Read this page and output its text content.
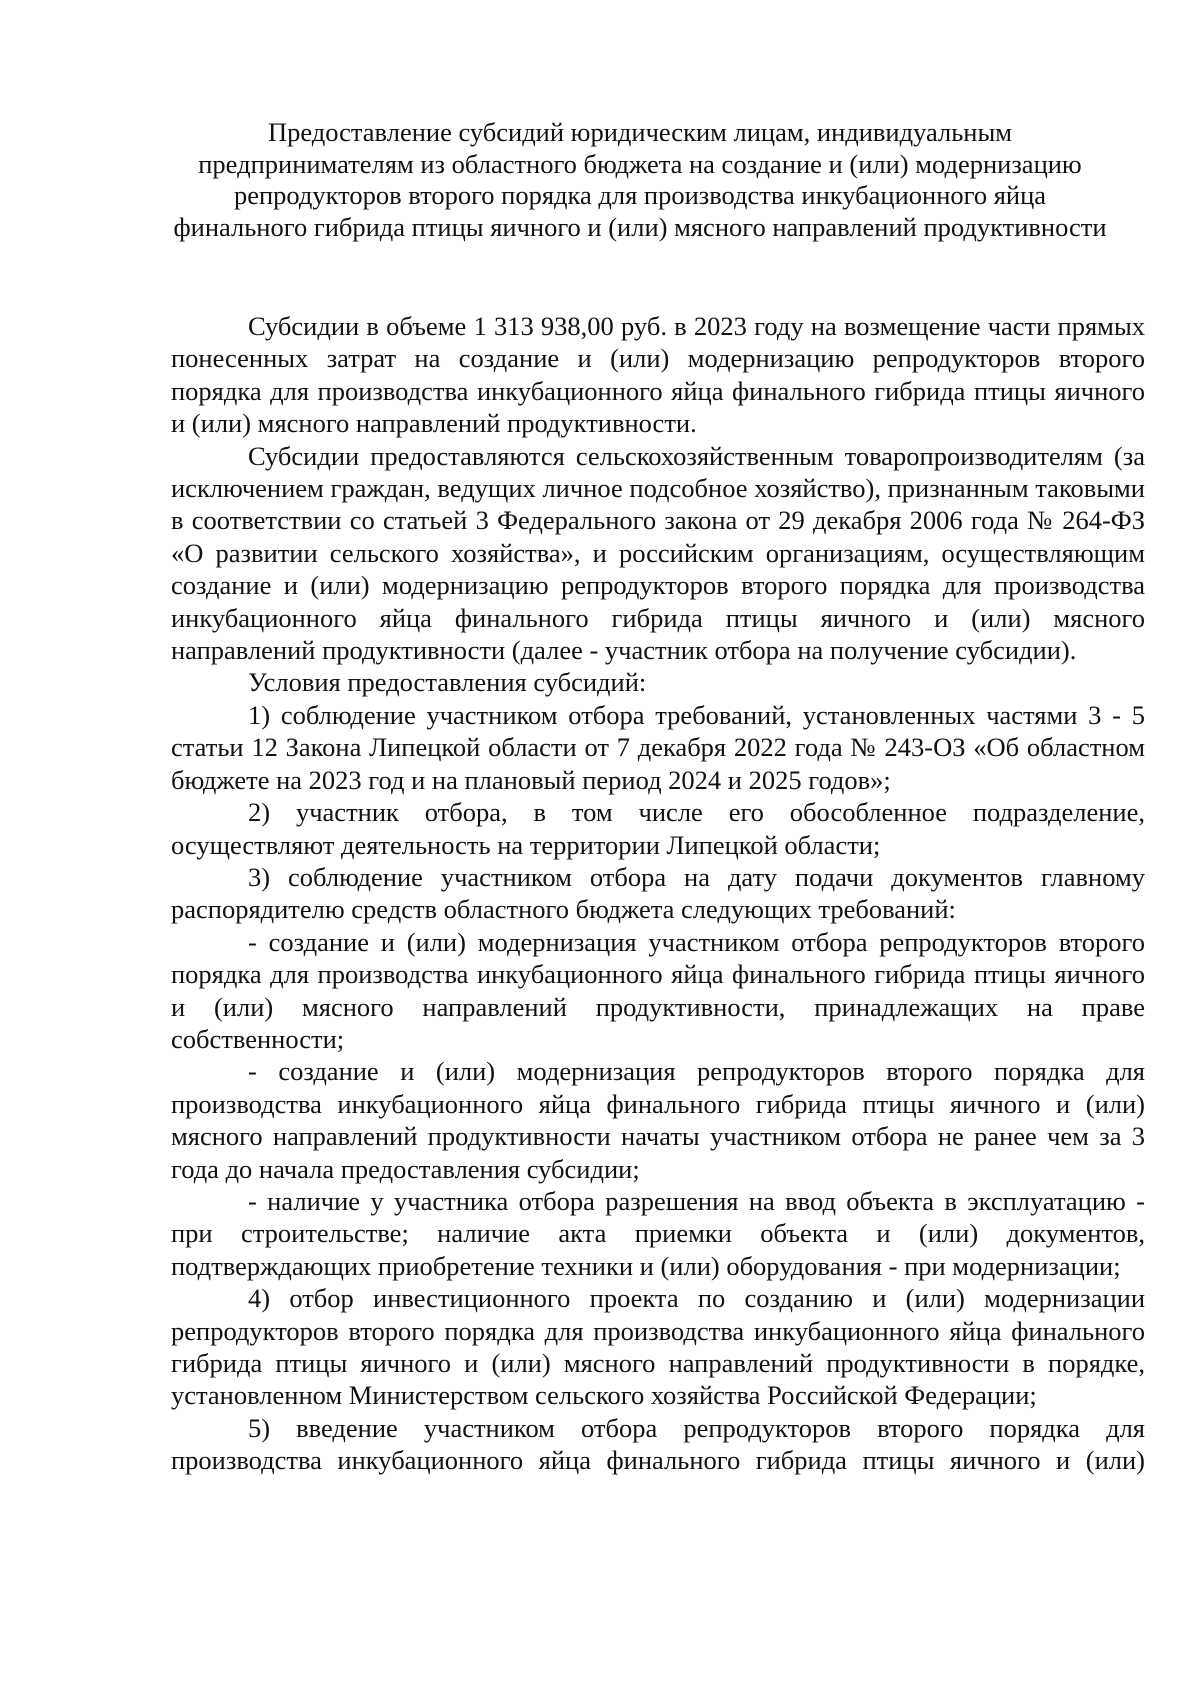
Предоставление субсидий юридическим лицам, индивидуальным предпринимателям из областного бюджета на создание и (или) модернизацию репродукторов второго порядка для производства инкубационного яйца финального гибрида птицы яичного и (или) мясного направлений продуктивности

Субсидии в объеме 1 313 938,00 руб. в 2023 году на возмещение части прямых понесенных затрат на создание и (или) модернизацию репродукторов второго порядка для производства инкубационного яйца финального гибрида птицы яичного и (или) мясного направлений продуктивности.

Субсидии предоставляются сельскохозяйственным товаропроизводителям (за исключением граждан, ведущих личное подсобное хозяйство), признанным таковыми в соответствии со статьей 3 Федерального закона от 29 декабря 2006 года № 264-ФЗ «О развитии сельского хозяйства», и российским организациям, осуществляющим создание и (или) модернизацию репродукторов второго порядка для производства инкубационного яйца финального гибрида птицы яичного и (или) мясного направлений продуктивности (далее - участник отбора на получение субсидии).

Условия предоставления субсидий:

1) соблюдение участником отбора требований, установленных частями 3 - 5 статьи 12 Закона Липецкой области от 7 декабря 2022 года № 243-ОЗ «Об областном бюджете на 2023 год и на плановый период 2024 и 2025 годов»;

2) участник отбора, в том числе его обособленное подразделение, осуществляют деятельность на территории Липецкой области;

3) соблюдение участником отбора на дату подачи документов главному распорядителю средств областного бюджета следующих требований:

- создание и (или) модернизация участником отбора репродукторов второго порядка для производства инкубационного яйца финального гибрида птицы яичного и (или) мясного направлений продуктивности, принадлежащих на праве собственности;

- создание и (или) модернизация репродукторов второго порядка для производства инкубационного яйца финального гибрида птицы яичного и (или) мясного направлений продуктивности начаты участником отбора не ранее чем за 3 года до начала предоставления субсидии;

- наличие у участника отбора разрешения на ввод объекта в эксплуатацию - при строительстве; наличие акта приемки объекта и (или) документов, подтверждающих приобретение техники и (или) оборудования - при модернизации;

4) отбор инвестиционного проекта по созданию и (или) модернизации репродукторов второго порядка для производства инкубационного яйца финального гибрида птицы яичного и (или) мясного направлений продуктивности в порядке, установленном Министерством сельского хозяйства Российской Федерации;

5) введение участником отбора репродукторов второго порядка для производства инкубационного яйца финального гибрида птицы яичного и (или)
